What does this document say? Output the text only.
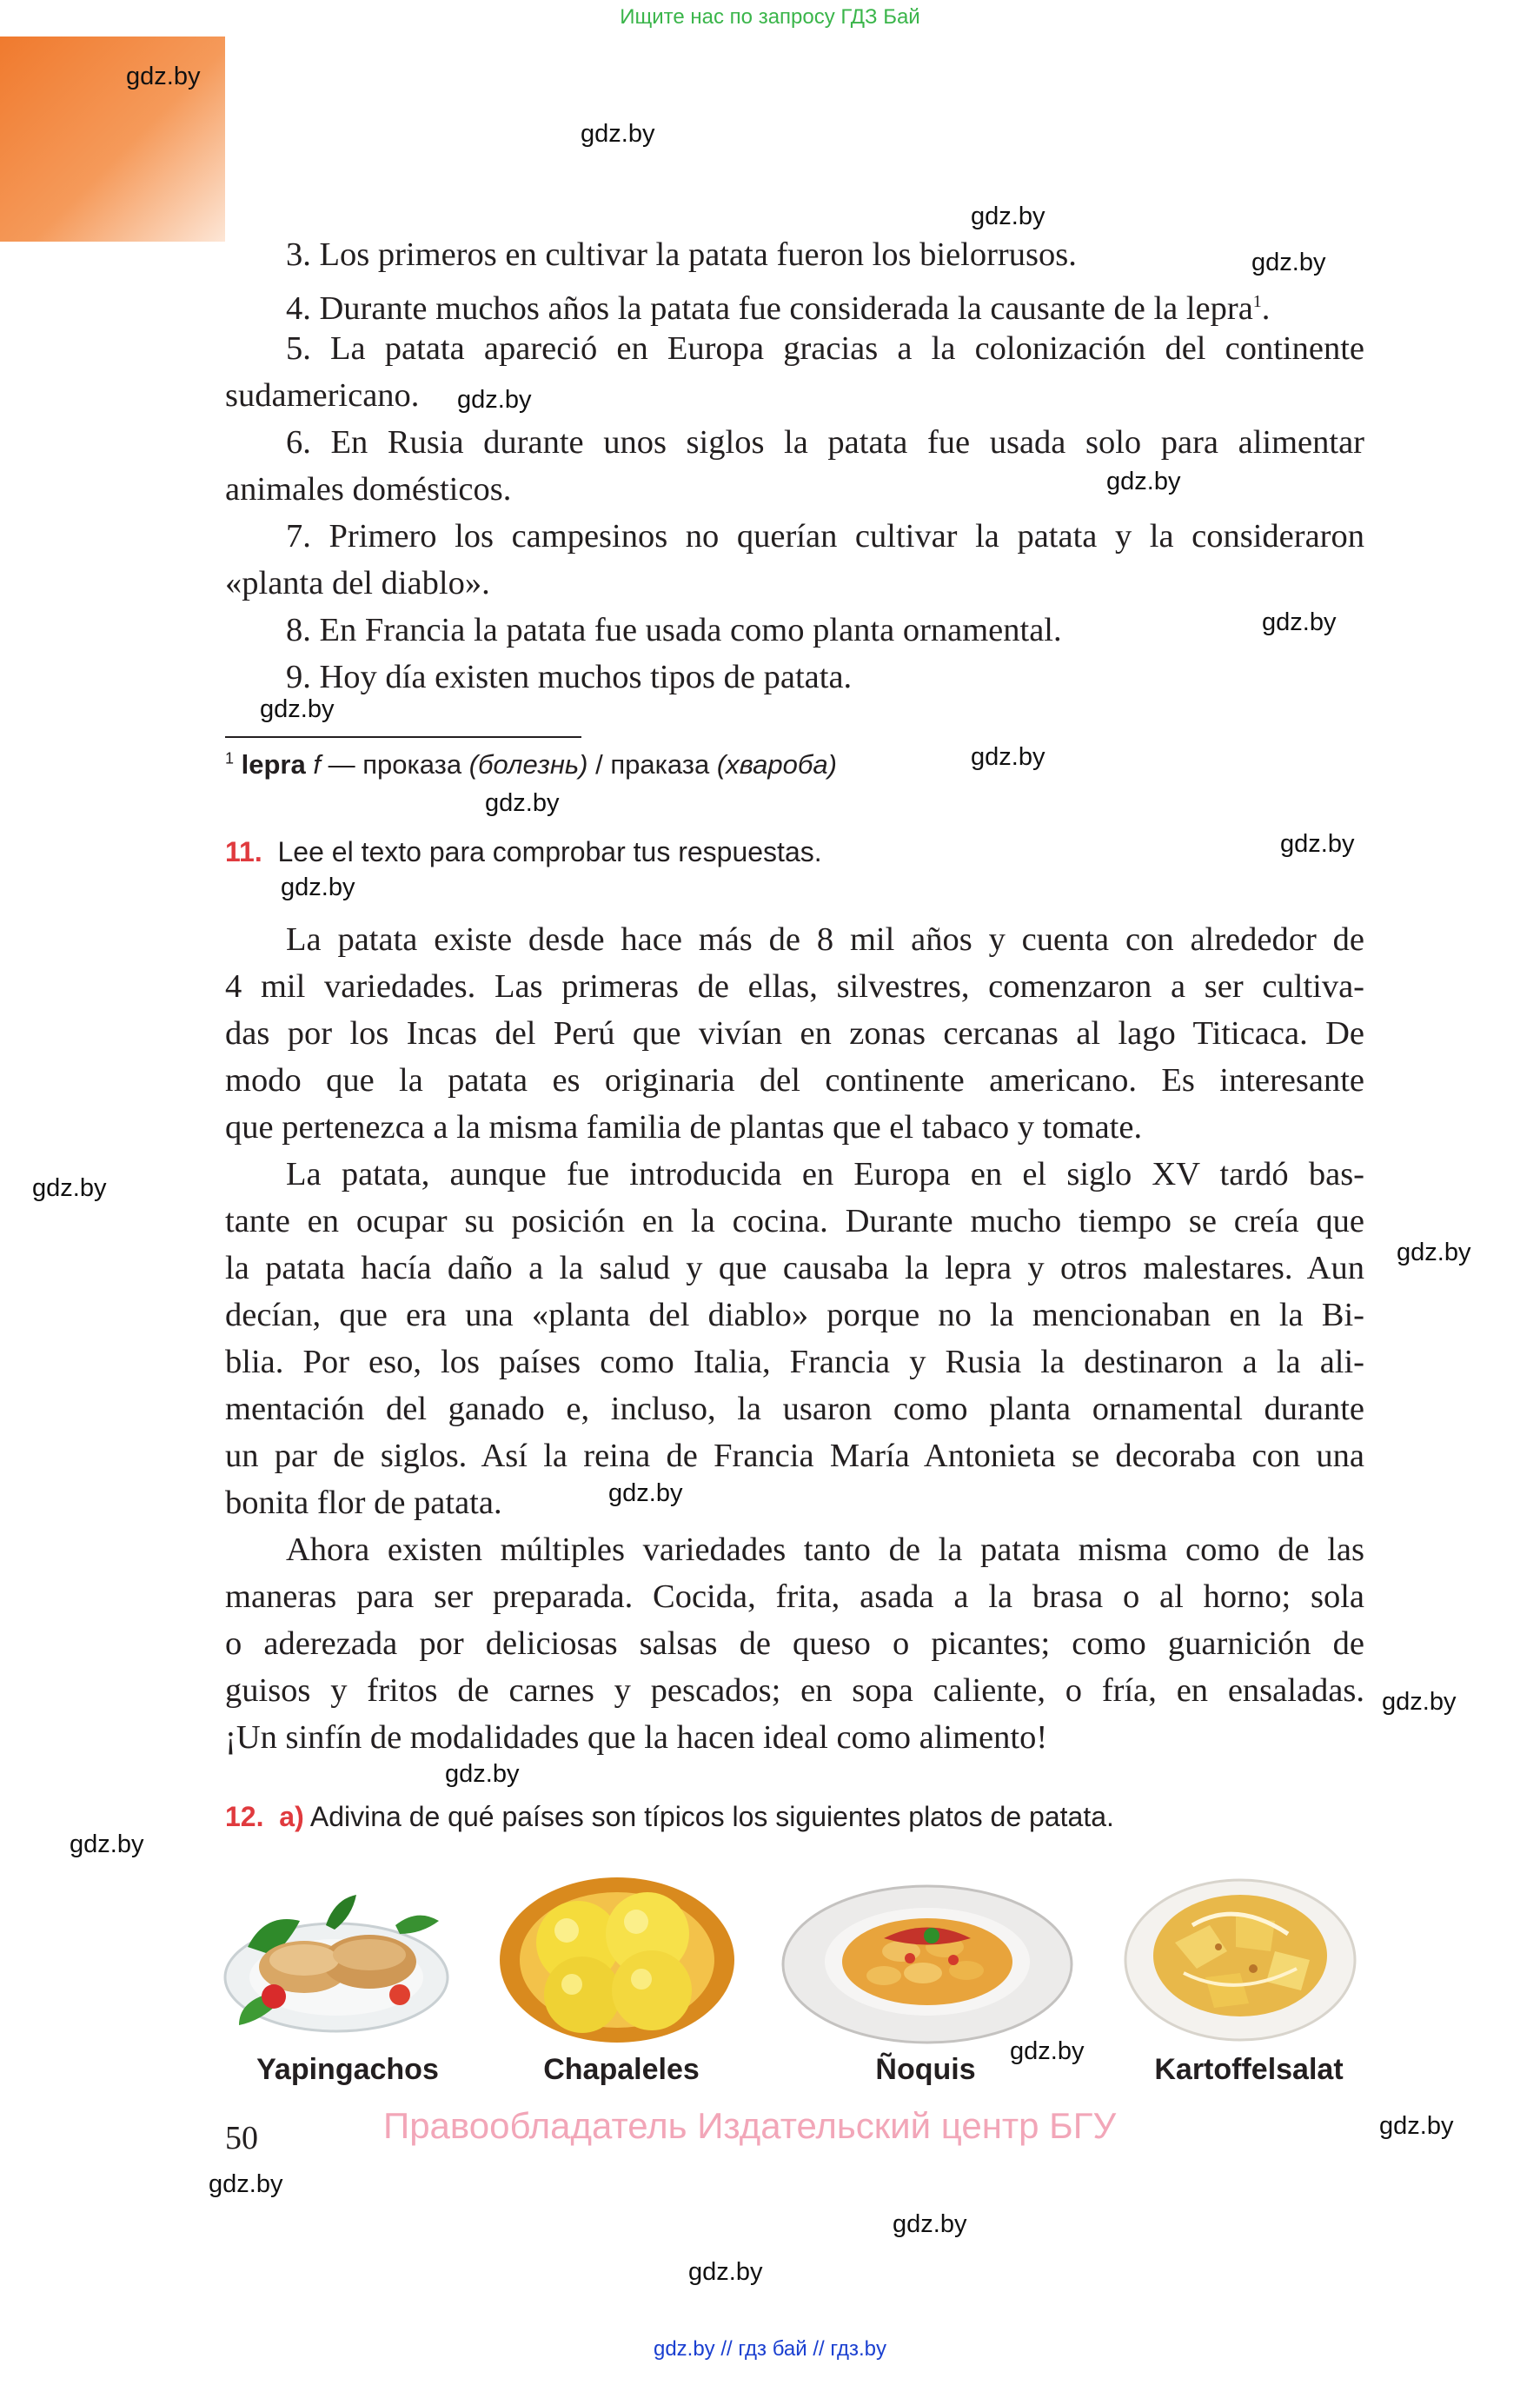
Ищите нас по запросу ГДЗ Бай
gdz.by
gdz.by
gdz.by
gdz.by
gdz.by
gdz.by
gdz.by
gdz.by
gdz.by
gdz.by
gdz.by
gdz.by
gdz.by
gdz.by
gdz.by
gdz.by
gdz.by
gdz.by
gdz.by
gdz.by
gdz.by
gdz.by
gdz.by
3. Los primeros en cultivar la patata fueron los bielorrusos.
4. Durante muchos años la patata fue considerada la causante de la lepra$^1$.
5. La patata apareció en Europa gracias a la colonización del continente
sudamericano.
6. En Rusia durante unos siglos la patata fue usada solo para alimentar
animales domésticos.
7. Primero los campesinos no querían cultivar la patata y la consideraron
«planta del diablo».
8. En Francia la patata fue usada como planta ornamental.
9. Hoy día existen muchos tipos de patata.
$^1$ lepra f — проказа (болезнь) / праказа (хвароба)
11. Lee el texto para comprobar tus respuestas.
La patata existe desde hace más de 8 mil años y cuenta con alrededor de
4 mil variedades. Las primeras de ellas, silvestres, comenzaron a ser cultiva-
das por los Incas del Perú que vivían en zonas cercanas al lago Titicaca. De
modo que la patata es originaria del continente americano. Es interesante
que pertenezca a la misma familia de plantas que el tabaco y tomate.
La patata, aunque fue introducida en Europa en el siglo XV tardó bas-
tante en ocupar su posición en la cocina. Durante mucho tiempo se creía que
la patata hacía daño a la salud y que causaba la lepra y otros malestares. Aun
decían, que era una «planta del diablo» porque no la mencionaban en la Bi-
blia. Por eso, los países como Italia, Francia y Rusia la destinaron a la ali-
mentación del ganado e, incluso, la usaron como planta ornamental durante
un par de siglos. Así la reina de Francia María Antonieta se decoraba con una
bonita flor de patata.
Ahora existen múltiples variedades tanto de la patata misma como de las
maneras para ser preparada. Cocida, frita, asada a la brasa o al horno; sola
o aderezada por deliciosas salsas de queso o picantes; como guarnición de
guisos y fritos de carnes y pescados; en sopa caliente, o fría, en ensaladas.
¡Un sinfín de modalidades que la hacen ideal como alimento!
12. a) Adivina de qué países son típicos los siguientes platos de patata.
Yapingachos	Chapaleles	Ñoquis	Kartoffelsalat
50	Правообладатель Издательский центр БГУ
gdz.by // гдз бай // гдз.by
